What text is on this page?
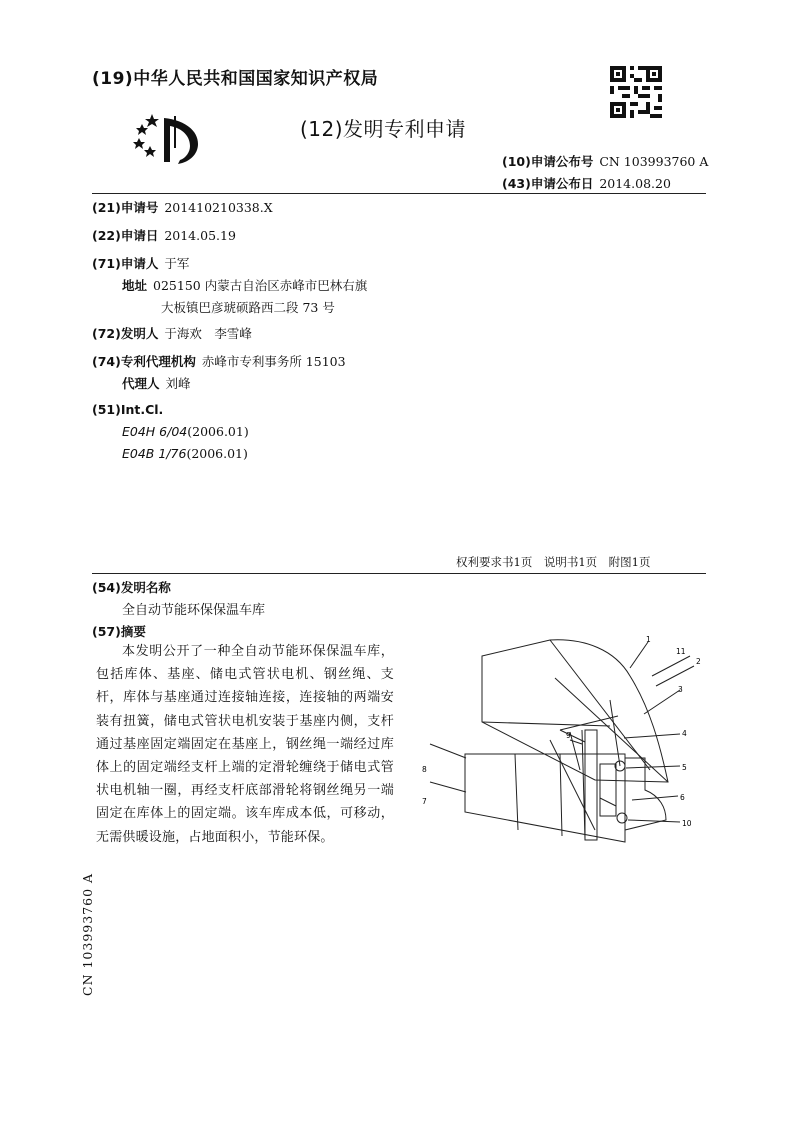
(19)中华人民共和国国家知识产权局
(12)发明专利申请
(10)申请公布号 CN 103993760 A
(43)申请公布日 2014.08.20
(21)申请号 201410210338.X
(22)申请日 2014.05.19
(71)申请人 于军
地址 025150 内蒙古自治区赤峰市巴林右旗
大板镇巴彦琥硕路西二段 73 号
(72)发明人 于海欢　李雪峰
(74)专利代理机构 赤峰市专利事务所 15103
代理人 刘峰
(51)Int.Cl.
E04H 6/04(2006.01)
E04B 1/76(2006.01)
权利要求书1页　说明书1页　附图1页
(54)发明名称
全自动节能环保保温车库
(57)摘要
本发明公开了一种全自动节能环保保温车库，包括库体、基座、储电式管状电机、钢丝绳、支杆，库体与基座通过连接轴连接，连接轴的两端安装有扭簧，储电式管状电机安装于基座内侧，支杆通过基座固定端固定在基座上，钢丝绳一端经过库体上的固定端经支杆上端的定滑轮缠绕于储电式管状电机轴一圈，再经支杆底部滑轮将钢丝绳另一端固定在库体上的固定端。该车库成本低，可移动，无需供暖设施，占地面积小，节能环保。
1
11
2
3
4
5
6
10
7
8
9
CN 103993760 A
